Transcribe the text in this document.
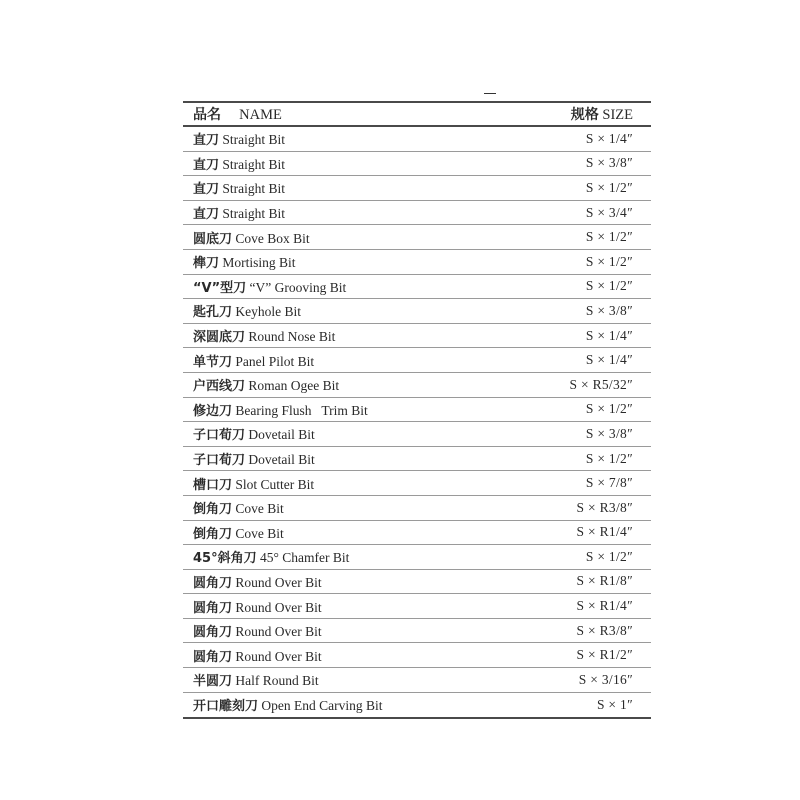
品名 NAME	规格 SIZE
直刀 Straight Bit	S × 1/4″
直刀 Straight Bit	S × 3/8″
直刀 Straight Bit	S × 1/2″
直刀 Straight Bit	S × 3/4″
圆底刀 Cove Box Bit	S × 1/2″
榫刀 Mortising Bit	S × 1/2″
“V”型刀 “V” Grooving Bit	S × 1/2″
匙孔刀 Keyhole Bit	S × 3/8″
深圆底刀 Round Nose Bit	S × 1/4″
单节刀 Panel Pilot Bit	S × 1/4″
户西线刀 Roman Ogee Bit	S × R5/32″
修边刀 Bearing Flush   Trim Bit	S × 1/2″
子口荀刀 Dovetail Bit	S × 3/8″
子口荀刀 Dovetail Bit	S × 1/2″
槽口刀 Slot Cutter Bit	S × 7/8″
倒角刀 Cove Bit	S × R3/8″
倒角刀 Cove Bit	S × R1/4″
45°斜角刀 45° Chamfer Bit	S × 1/2″
圆角刀 Round Over Bit	S × R1/8″
圆角刀 Round Over Bit	S × R1/4″
圆角刀 Round Over Bit	S × R3/8″
圆角刀 Round Over Bit	S × R1/2″
半圆刀 Half Round Bit	S × 3/16″
开口雕刻刀 Open End Carving Bit	S × 1″
